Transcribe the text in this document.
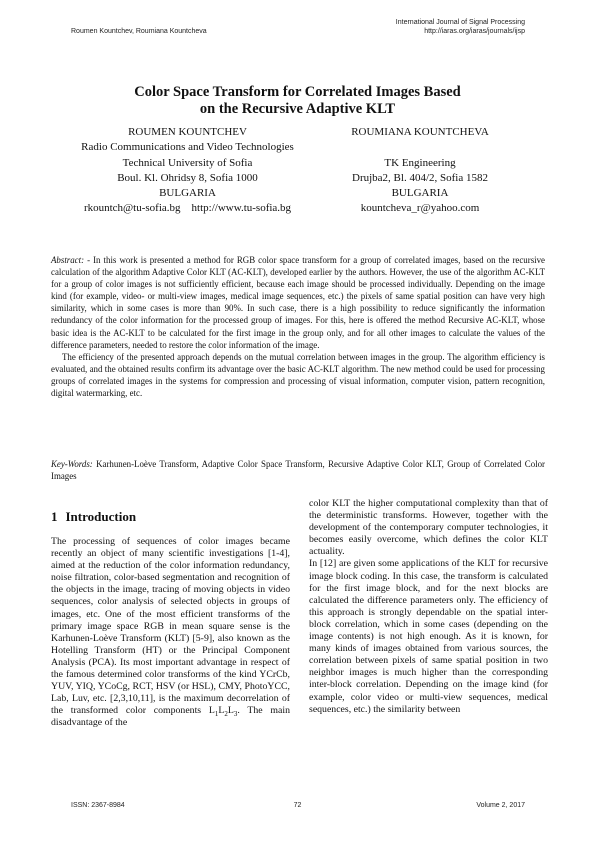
Roumen Kountchev, Roumiana Kountcheva
International Journal of Signal Processing
http://iaras.org/iaras/journals/ijsp
Color Space Transform for Correlated Images Based
on the Recursive Adaptive KLT
ROUMEN KOUNTCHEV
Radio Communications and Video Technologies
Technical University of Sofia
Boul. Kl. Ohridsy 8, Sofia 1000
BULGARIA
rkountch@tu-sofia.bg http://www.tu-sofia.bg
ROUMIANA KOUNTCHEVA

TK Engineering
Drujba2, Bl. 404/2, Sofia 1582
BULGARIA
kountcheva_r@yahoo.com

Abstract: - In this work is presented a method for RGB color space transform for a group of correlated images, based on the recursive calculation of the algorithm Adaptive Color KLT (AC-KLT), developed earlier by the authors. However, the use of the algorithm AC-KLT for a group of color images is not sufficiently efficient, because each image should be processed individually. Depending on the image kind (for example, video- or multi-view images, medical image sequences, etc.) the pixels of same spatial position can have very high similarity, which in some cases is more than 90%. In such case, there is a high possibility to reduce significantly the information redundancy of the color information for the processed group of images. For this, here is offered the method Recursive AC-KLT, whose basic idea is the AC-KLT to be calculated for the first image in the group only, and for all other images to calculate the values of the difference parameters, needed to restore the color information of the image.

The efficiency of the presented approach depends on the mutual correlation between images in the group. The algorithm efficiency is evaluated, and the obtained results confirm its advantage over the basic AC-KLT algorithm. The new method could be used for processing groups of correlated images in the systems for compression and processing of visual information, computer vision, pattern recognition, digital watermarking, etc.

Key-Words: Karhunen-Loève Transform, Adaptive Color Space Transform, Recursive Adaptive Color KLT, Group of Correlated Color Images
1 Introduction

The processing of sequences of color images became recently an object of many scientific investigations [1-4], aimed at the reduction of the color information redundancy, noise filtration, color-based segmentation and recognition of the objects in the image, tracing of moving objects in video sequences, color analysis of selected objects in groups of images, etc. One of the most efficient transforms of the primary image space RGB in mean square sense is the Karhunen-Loève Transform (KLT) [5-9], also known as the Hotelling Transform (HT) or the Principal Component Analysis (PCA). Its most important advantage in respect of the famous determined color transforms of the kind YCrCb, YUV, YIQ, YCoCg, RCT, HSV (or HSL), CMY, PhotoYCC, Lab, Luv, etc. [2,3,10,11], is the maximum decorrelation of the transformed color components $L_1L_2L_3$. The main disadvantage of the

color KLT the higher computational complexity than that of the deterministic transforms. However, together with the development of the contemporary computer technologies, it becomes easily overcome, which defines the color KLT actuality.

In [12] are given some applications of the KLT for recursive image block coding. In this case, the transform is calculated for the first image block, and for the next blocks are calculated the difference parameters only. The efficiency of this approach is strongly dependable on the spatial inter-block correlation, which in some cases (depending on the image contents) is not high enough. As it is known, for many kinds of images obtained from various sources, the correlation between pixels of same spatial position in two neighbor images is much higher than the corresponding inter-block correlation. Depending on the image kind (for example, color video or multi-view sequences, medical sequences, etc.) the similarity between

ISSN: 2367-8984	72	Volume 2, 2017
